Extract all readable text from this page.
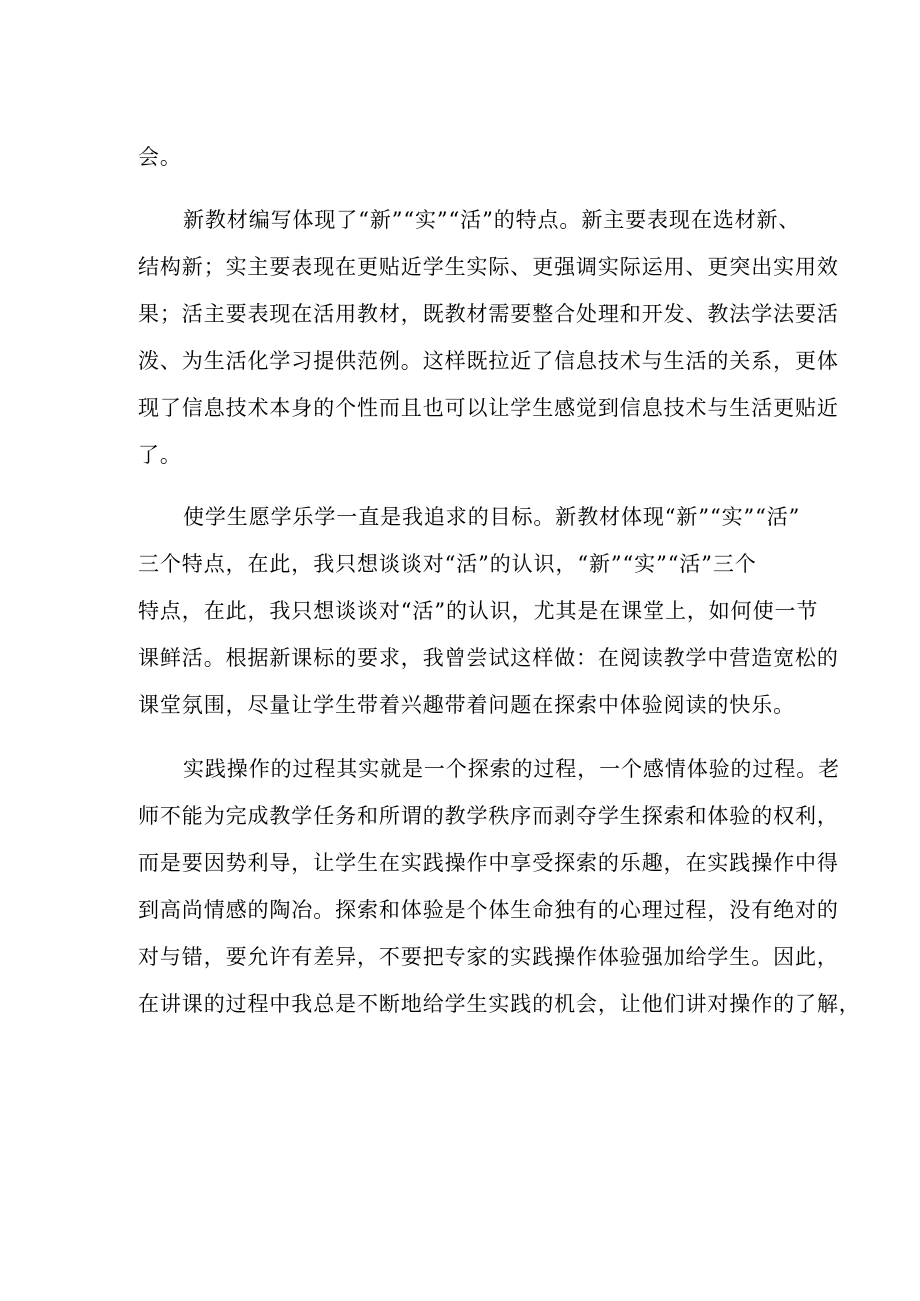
会。
新教材编写体现了“新”“实”“活”的特点。新主要表现在选材新、
结构新；实主要表现在更贴近学生实际、更强调实际运用、更突出实用效
果；活主要表现在活用教材，既教材需要整合处理和开发、教法学法要活
泼、为生活化学习提供范例。这样既拉近了信息技术与生活的关系，更体
现了信息技术本身的个性而且也可以让学生感觉到信息技术与生活更贴近
了。
使学生愿学乐学一直是我追求的目标。新教材体现“新”“实”“活”
三个特点，在此，我只想谈谈对“活”的认识，“新”“实”“活”三个
特点，在此，我只想谈谈对“活”的认识，尤其是在课堂上，如何使一节
课鲜活。根据新课标的要求，我曾尝试这样做：在阅读教学中营造宽松的
课堂氛围，尽量让学生带着兴趣带着问题在探索中体验阅读的快乐。
实践操作的过程其实就是一个探索的过程，一个感情体验的过程。老
师不能为完成教学任务和所谓的教学秩序而剥夺学生探索和体验的权利，
而是要因势利导，让学生在实践操作中享受探索的乐趣，在实践操作中得
到高尚情感的陶冶。探索和体验是个体生命独有的心理过程，没有绝对的
对与错，要允许有差异，不要把专家的实践操作体验强加给学生。因此，
在讲课的过程中我总是不断地给学生实践的机会，让他们讲对操作的了解，
